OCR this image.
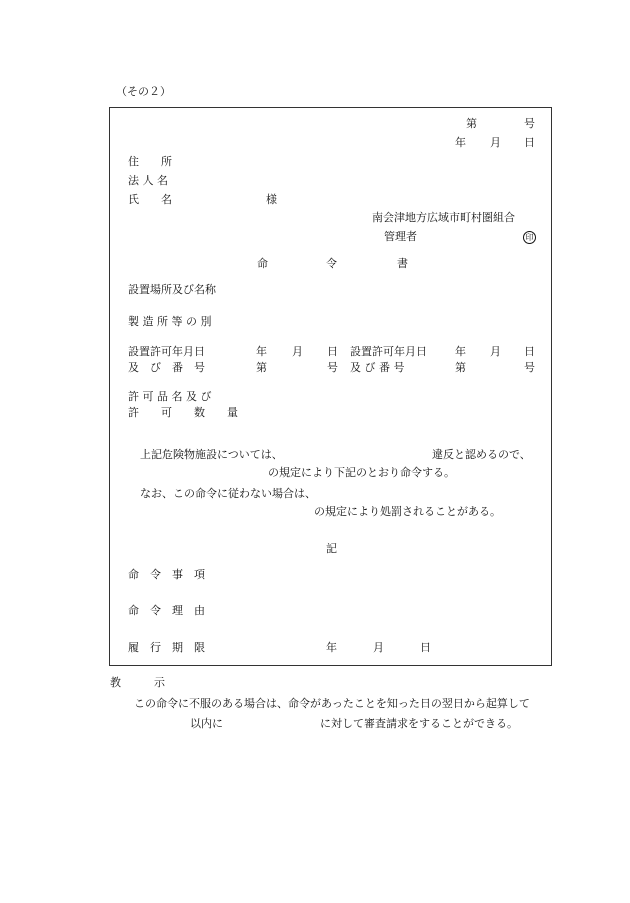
（その２）
第	号
年 月 日
住　　所
法 人 名
氏　　名	様
南会津地方広域市町村圏組合
管理者	印
命	令	書
設置場所及び名称
製 造 所 等 の 別
設置許可年月日	年 月 日 設置許可年月日	年 月 日
及　び　番　号	第	号 及 び 番 号	第	号
許 可 品 名 及 び
許　　可　　数　　量
上記危険物施設については、	違反と認めるので、
の規定により下記のとおり命令する。
なお、この命令に従わない場合は、
の規定により処罰されることがある。
記
命　令　事　項
命　令　理　由
履　行　期　限	年	月	日
教　　　示
この命令に不服のある場合は、命令があったことを知った日の翌日から起算して
以内に	に対して審査請求をすることができる。
